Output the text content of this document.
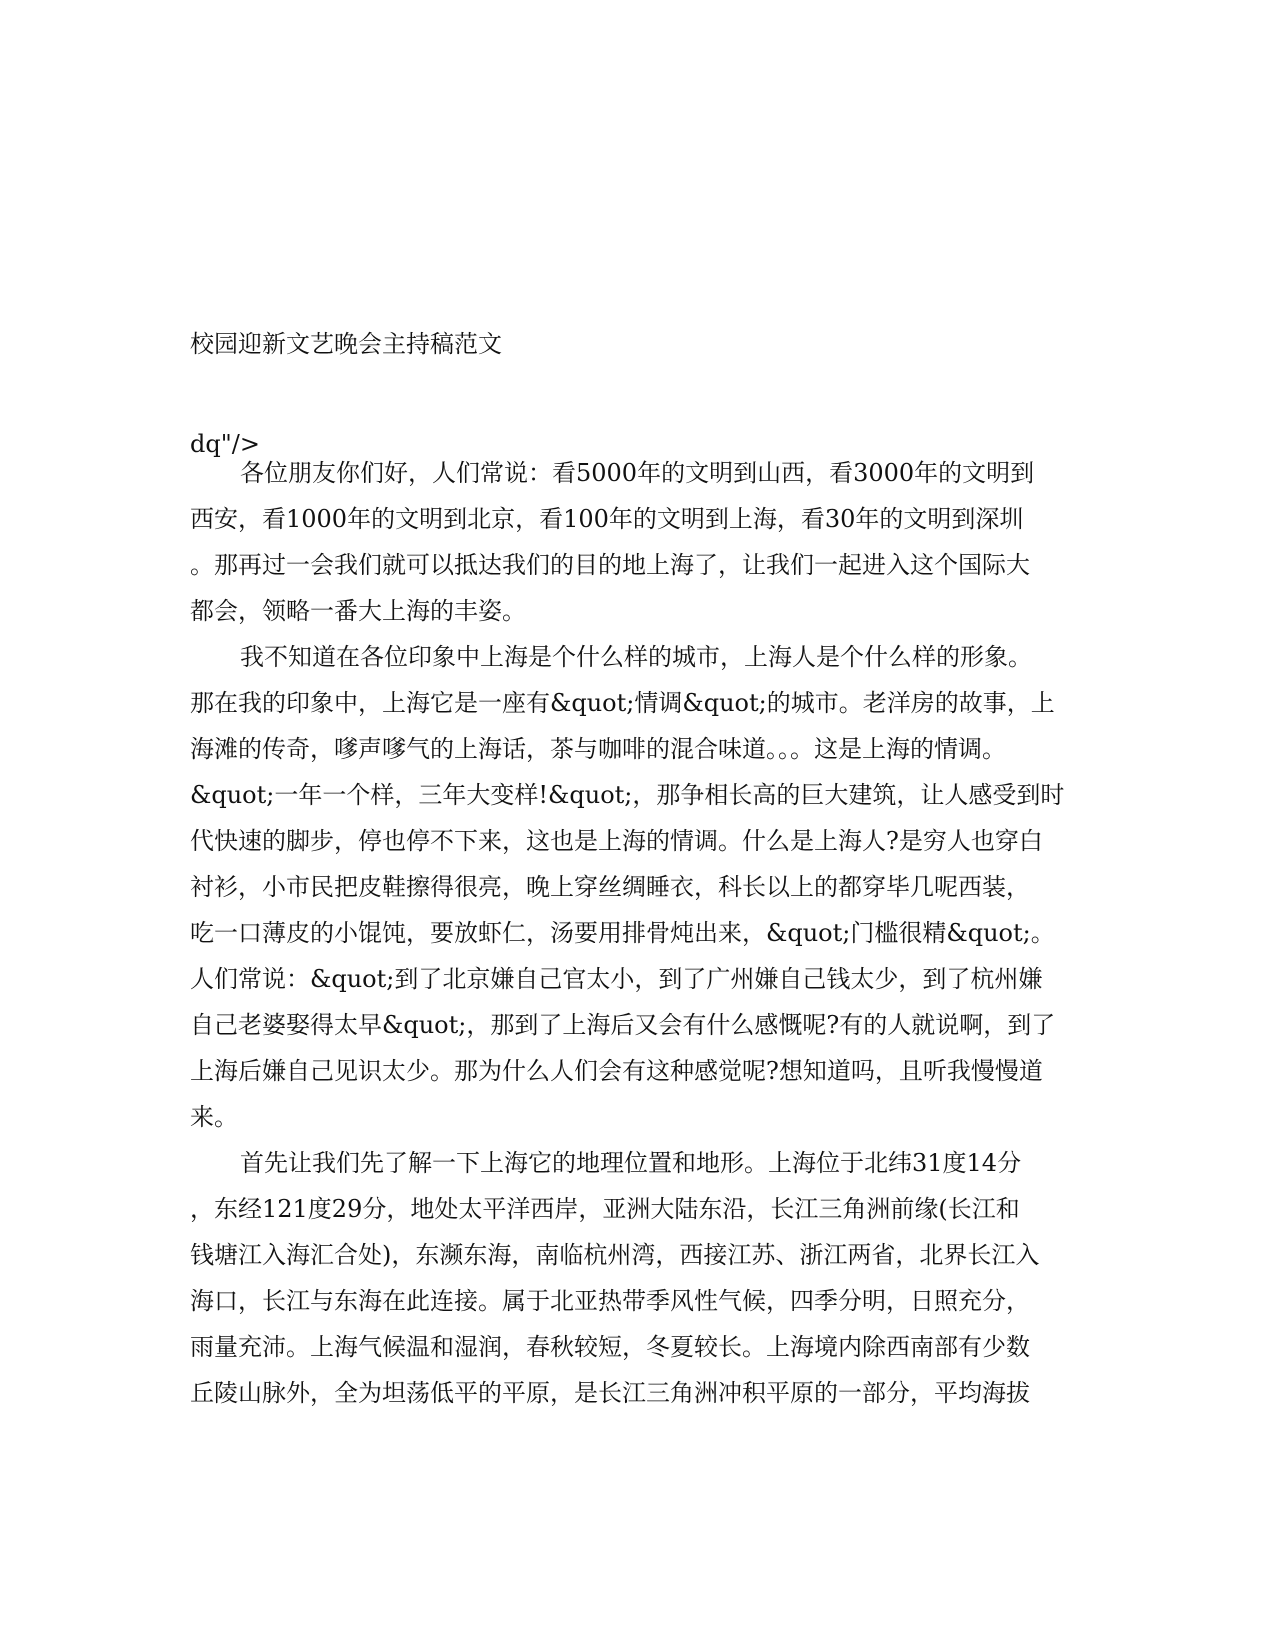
校园迎新文艺晚会主持稿范文
dq"/>
各位朋友你们好，人们常说：看5000年的文明到山西，看3000年的文明到
西安，看1000年的文明到北京，看100年的文明到上海，看30年的文明到深圳
。那再过一会我们就可以抵达我们的目的地上海了，让我们一起进入这个国际大
都会，领略一番大上海的丰姿。
我不知道在各位印象中上海是个什么样的城市，上海人是个什么样的形象。
那在我的印象中，上海它是一座有&quot;情调&quot;的城市。老洋房的故事，上
海滩的传奇，嗲声嗲气的上海话，茶与咖啡的混合味道。。。这是上海的情调。
&quot;一年一个样，三年大变样!&quot;，那争相长高的巨大建筑，让人感受到时
代快速的脚步，停也停不下来，这也是上海的情调。什么是上海人?是穷人也穿白
衬衫，小市民把皮鞋擦得很亮，晚上穿丝绸睡衣，科长以上的都穿毕几呢西装，
吃一口薄皮的小馄饨，要放虾仁，汤要用排骨炖出来，&quot;门槛很精&quot;。
人们常说：&quot;到了北京嫌自己官太小，到了广州嫌自己钱太少，到了杭州嫌
自己老婆娶得太早&quot;，那到了上海后又会有什么感慨呢?有的人就说啊，到了
上海后嫌自己见识太少。那为什么人们会有这种感觉呢?想知道吗，且听我慢慢道
来。
首先让我们先了解一下上海它的地理位置和地形。上海位于北纬31度14分
，东经121度29分，地处太平洋西岸，亚洲大陆东沿，长江三角洲前缘(长江和
钱塘江入海汇合处)，东濒东海，南临杭州湾，西接江苏、浙江两省，北界长江入
海口，长江与东海在此连接。属于北亚热带季风性气候，四季分明，日照充分，
雨量充沛。上海气候温和湿润，春秋较短，冬夏较长。上海境内除西南部有少数
丘陵山脉外，全为坦荡低平的平原，是长江三角洲冲积平原的一部分，平均海拔
